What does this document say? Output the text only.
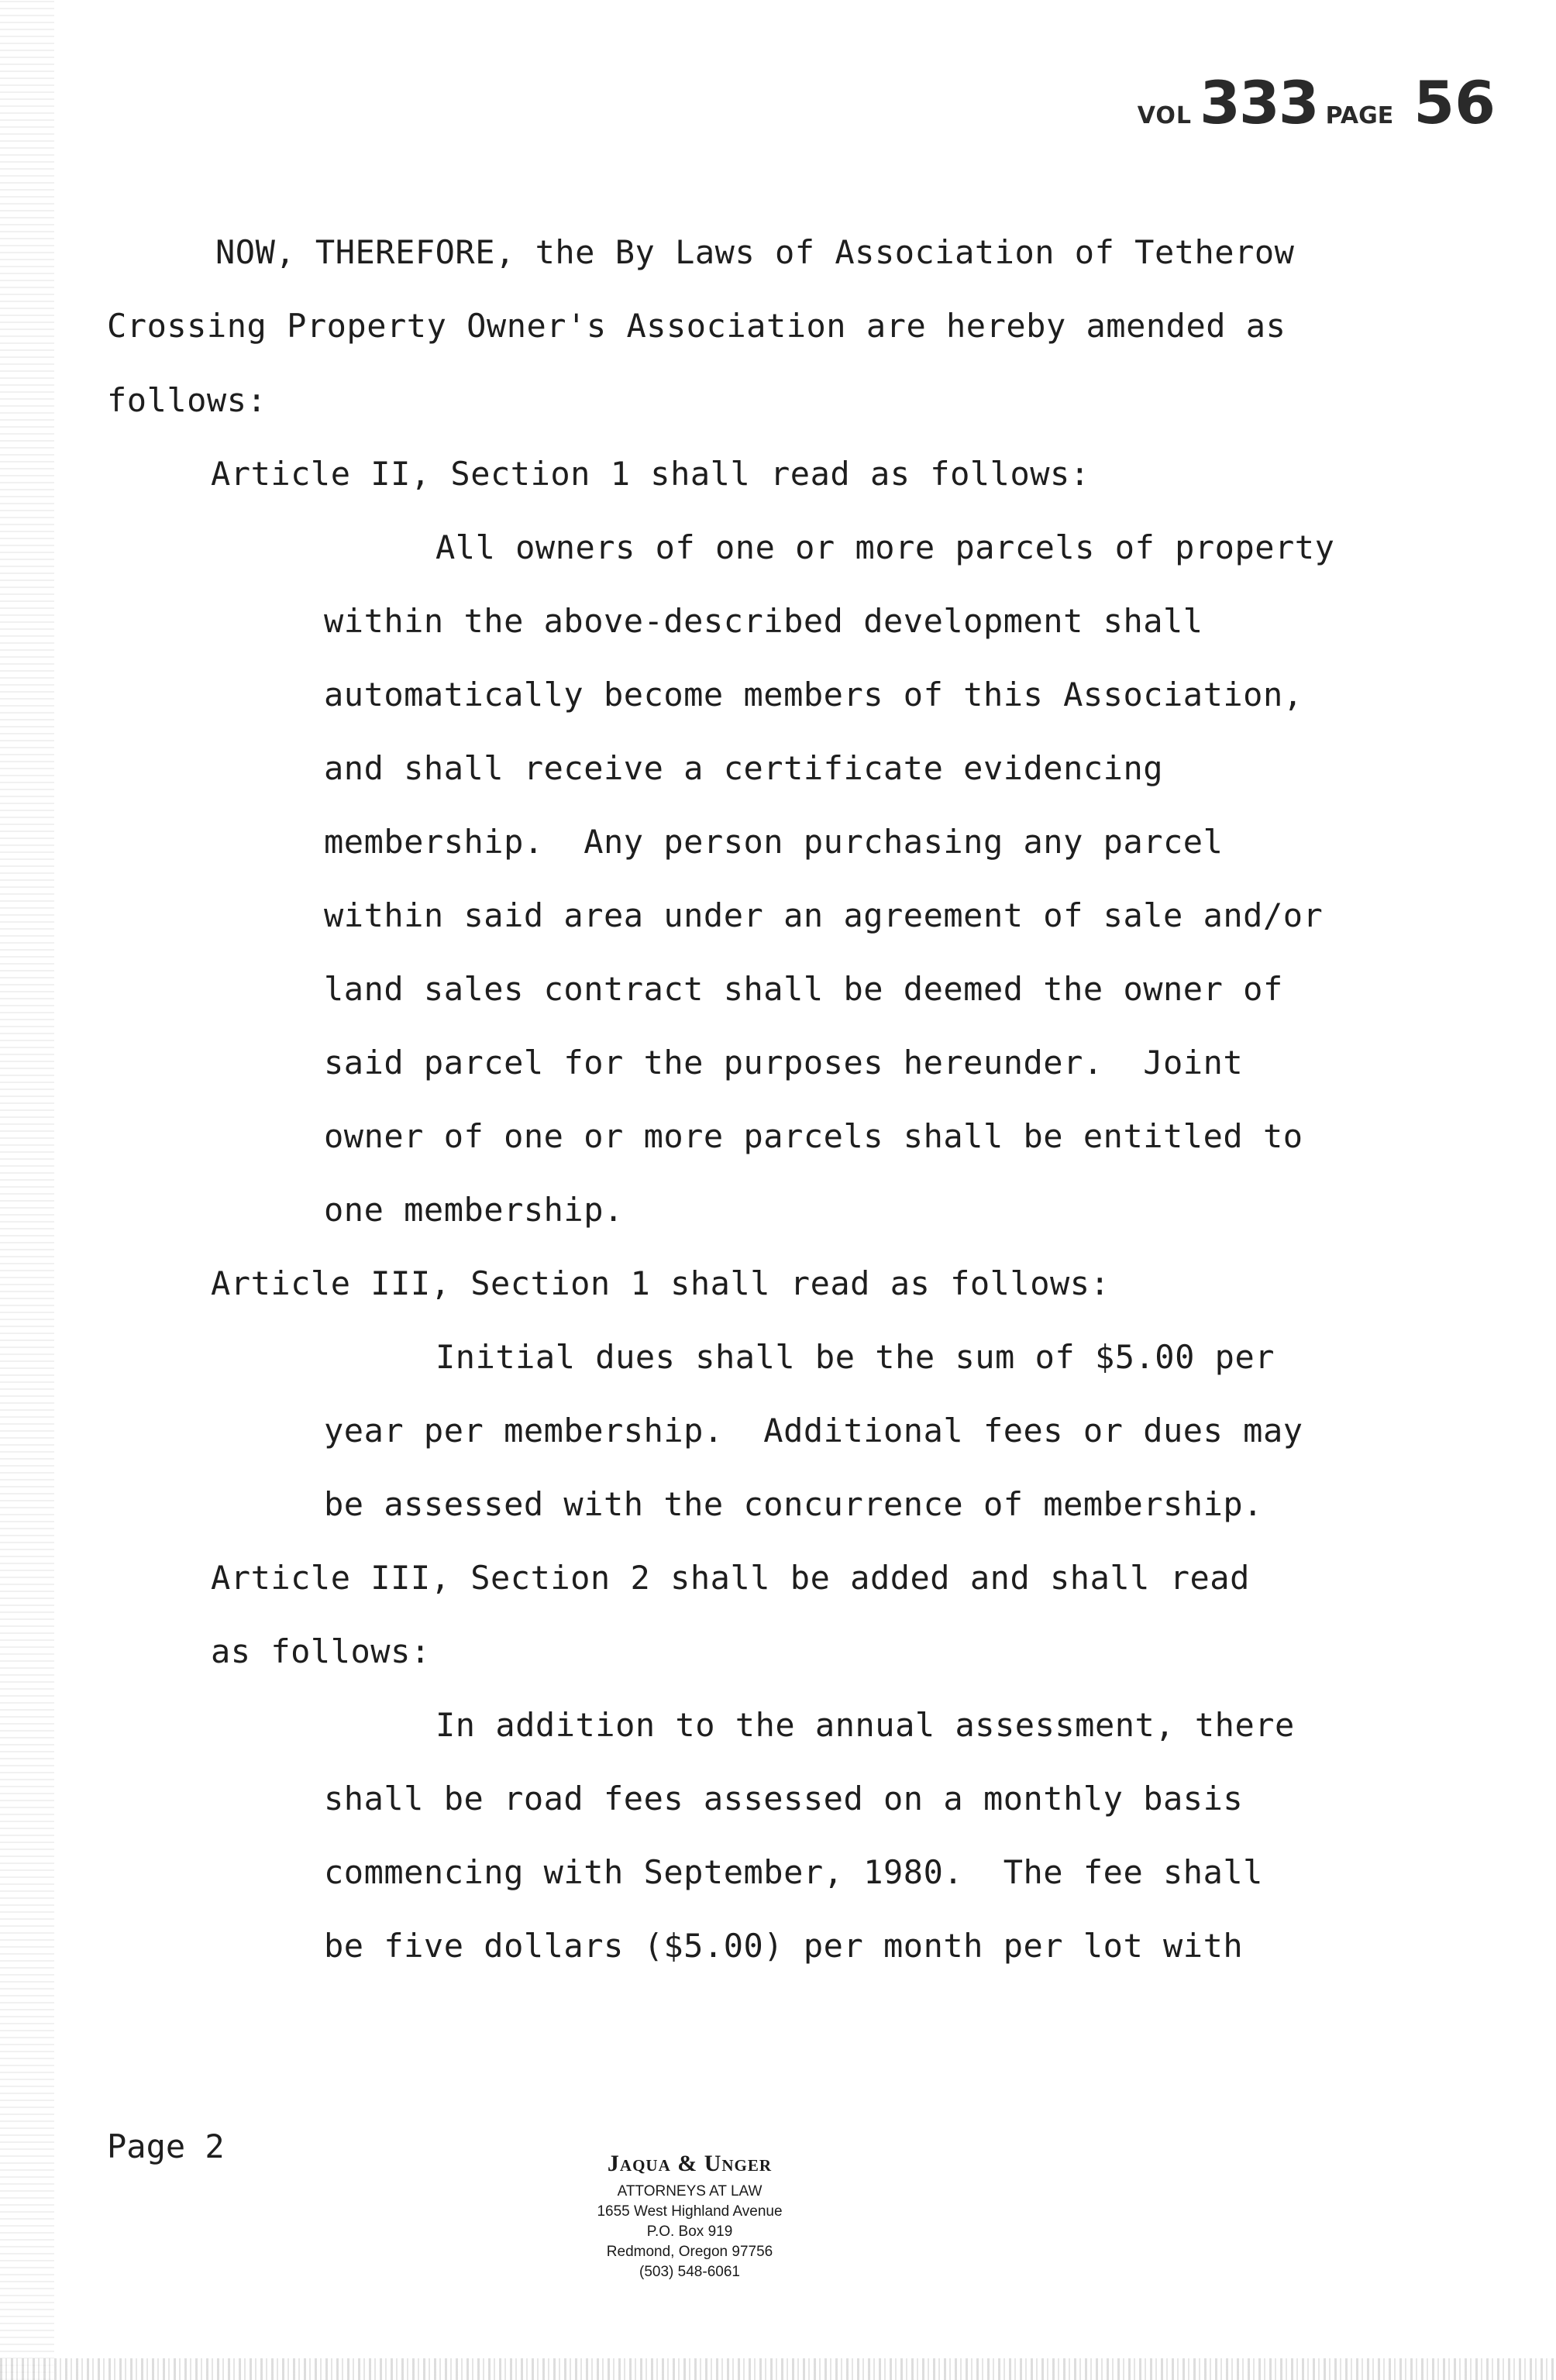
VOL 333 PAGE 56
NOW, THEREFORE, the By Laws of Association of Tetherow
Crossing Property Owner's Association are hereby amended as
follows:
Article II, Section 1 shall read as follows:
All owners of one or more parcels of property
within the above-described development shall
automatically become members of this Association,
and shall receive a certificate evidencing
membership.  Any person purchasing any parcel
within said area under an agreement of sale and/or
land sales contract shall be deemed the owner of
said parcel for the purposes hereunder.  Joint
owner of one or more parcels shall be entitled to
one membership.
Article III, Section 1 shall read as follows:
Initial dues shall be the sum of $5.00 per
year per membership.  Additional fees or dues may
be assessed with the concurrence of membership.
Article III, Section 2 shall be added and shall read
as follows:
In addition to the annual assessment, there
shall be road fees assessed on a monthly basis
commencing with September, 1980.  The fee shall
be five dollars ($5.00) per month per lot with
Page 2	Jaqua & Unger
ATTORNEYS AT LAW
1655 West Highland Avenue
P.O. Box 919
Redmond, Oregon 97756
(503) 548-6061
